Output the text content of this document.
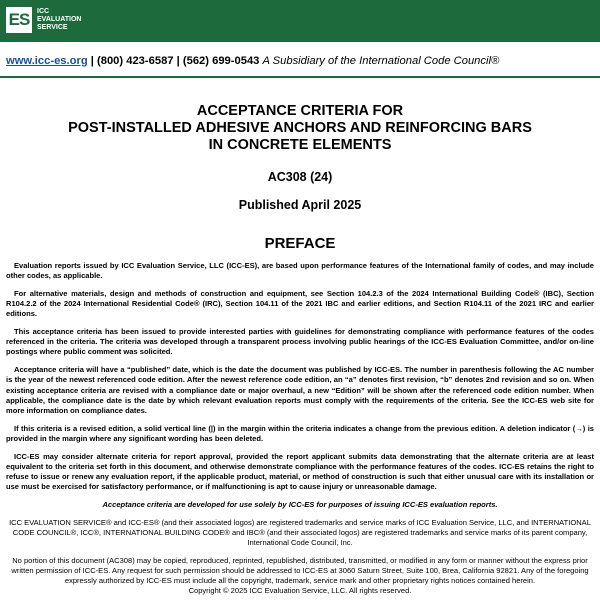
ES	ICC
EVALUATION
SERVICE
www.icc-es.org | (800) 423-6587 | (562) 699-0543 A Subsidiary of the International Code Council®
ACCEPTANCE CRITERIA FOR
POST-INSTALLED ADHESIVE ANCHORS AND REINFORCING BARS
IN CONCRETE ELEMENTS
AC308 (24)
Published April 2025
PREFACE

Evaluation reports issued by ICC Evaluation Service, LLC (ICC-ES), are based upon performance features of the International family of codes, and may include other codes, as applicable.

For alternative materials, design and methods of construction and equipment, see Section 104.2.3 of the 2024 International Building Code® (IBC), Section R104.2.2 of the 2024 International Residential Code® (IRC), Section 104.11 of the 2021 IBC and earlier editions, and Section R104.11 of the 2021 IRC and earlier editions.

This acceptance criteria has been issued to provide interested parties with guidelines for demonstrating compliance with performance features of the codes referenced in the criteria. The criteria was developed through a transparent process involving public hearings of the ICC-ES Evaluation Committee, and/or on-line postings where public comment was solicited.

Acceptance criteria will have a “published” date, which is the date the document was published by ICC-ES. The number in parenthesis following the AC number is the year of the newest referenced code edition. After the newest reference code edition, an “a” denotes first revision, “b” denotes 2nd revision and so on. When existing acceptance criteria are revised with a compliance date or major overhaul, a new “Edition” will be shown after the referenced code edition number. When applicable, the compliance date is the date by which relevant evaluation reports must comply with the requirements of the criteria. See the ICC-ES web site for more information on compliance dates.

If this criteria is a revised edition, a solid vertical line (|) in the margin within the criteria indicates a change from the previous edition. A deletion indicator (→) is provided in the margin where any significant wording has been deleted.

ICC-ES may consider alternate criteria for report approval, provided the report applicant submits data demonstrating that the alternate criteria are at least equivalent to the criteria set forth in this document, and otherwise demonstrate compliance with the performance features of the codes. ICC-ES retains the right to refuse to issue or renew any evaluation report, if the applicable product, material, or method of construction is such that either unusual care with its installation or use must be exercised for satisfactory performance, or if malfunctioning is apt to cause injury or unreasonable damage.

Acceptance criteria are developed for use solely by ICC-ES for purposes of issuing ICC-ES evaluation reports.

ICC EVALUATION SERVICE® and ICC-ES® (and their associated logos) are registered trademarks and service marks of ICC Evaluation Service, LLC, and INTERNATIONAL CODE COUNCIL®, ICC®, INTERNATIONAL BUILDING CODE® and IBC® (and their associated logos) are registered trademarks and service marks of its parent company, International Code Council, Inc.

No portion of this document (AC308) may be copied, reproduced, reprinted, republished, distributed, transmitted, or modified in any form or manner without the express prior written permission of ICC-ES. Any request for such permission should be addressed to ICC-ES at 3060 Saturn Street, Suite 100, Brea, California 92821. Any of the foregoing expressly authorized by ICC-ES must include all the copyright, trademark, service mark and other proprietary rights notices contained herein.

Copyright © 2025 ICC Evaluation Service, LLC. All rights reserved.
